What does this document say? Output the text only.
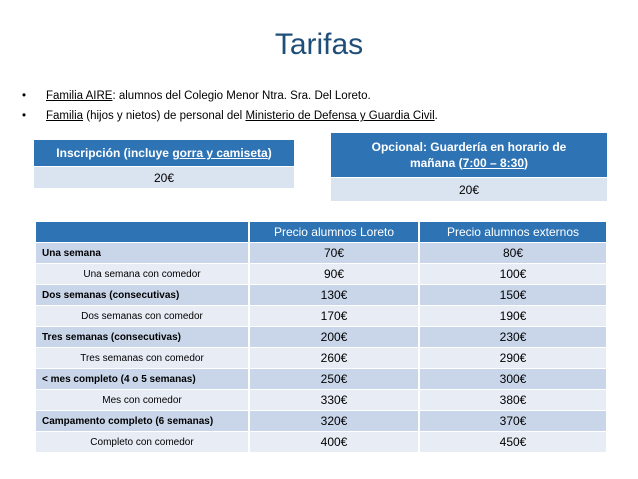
Tarifas
• Familia AIRE: alumnos del Colegio Menor Ntra. Sra. Del Loreto.
• Familia (hijos y nietos) de personal del Ministerio de Defensa y Guardia Civil.
Inscripción (incluye gorra y camiseta)
20€
Opcional: Guardería en horario de
mañana (7:00 – 8:30)
20€
	Precio alumnos Loreto	Precio alumnos externos
Una semana	70€	80€
Una semana con comedor	90€	100€
Dos semanas (consecutivas)	130€	150€
Dos semanas con comedor	170€	190€
Tres semanas (consecutivas)	200€	230€
Tres semanas con comedor	260€	290€
< mes completo (4 o 5 semanas)	250€	300€
Mes con comedor	330€	380€
Campamento completo (6 semanas)	320€	370€
Completo con comedor	400€	450€
